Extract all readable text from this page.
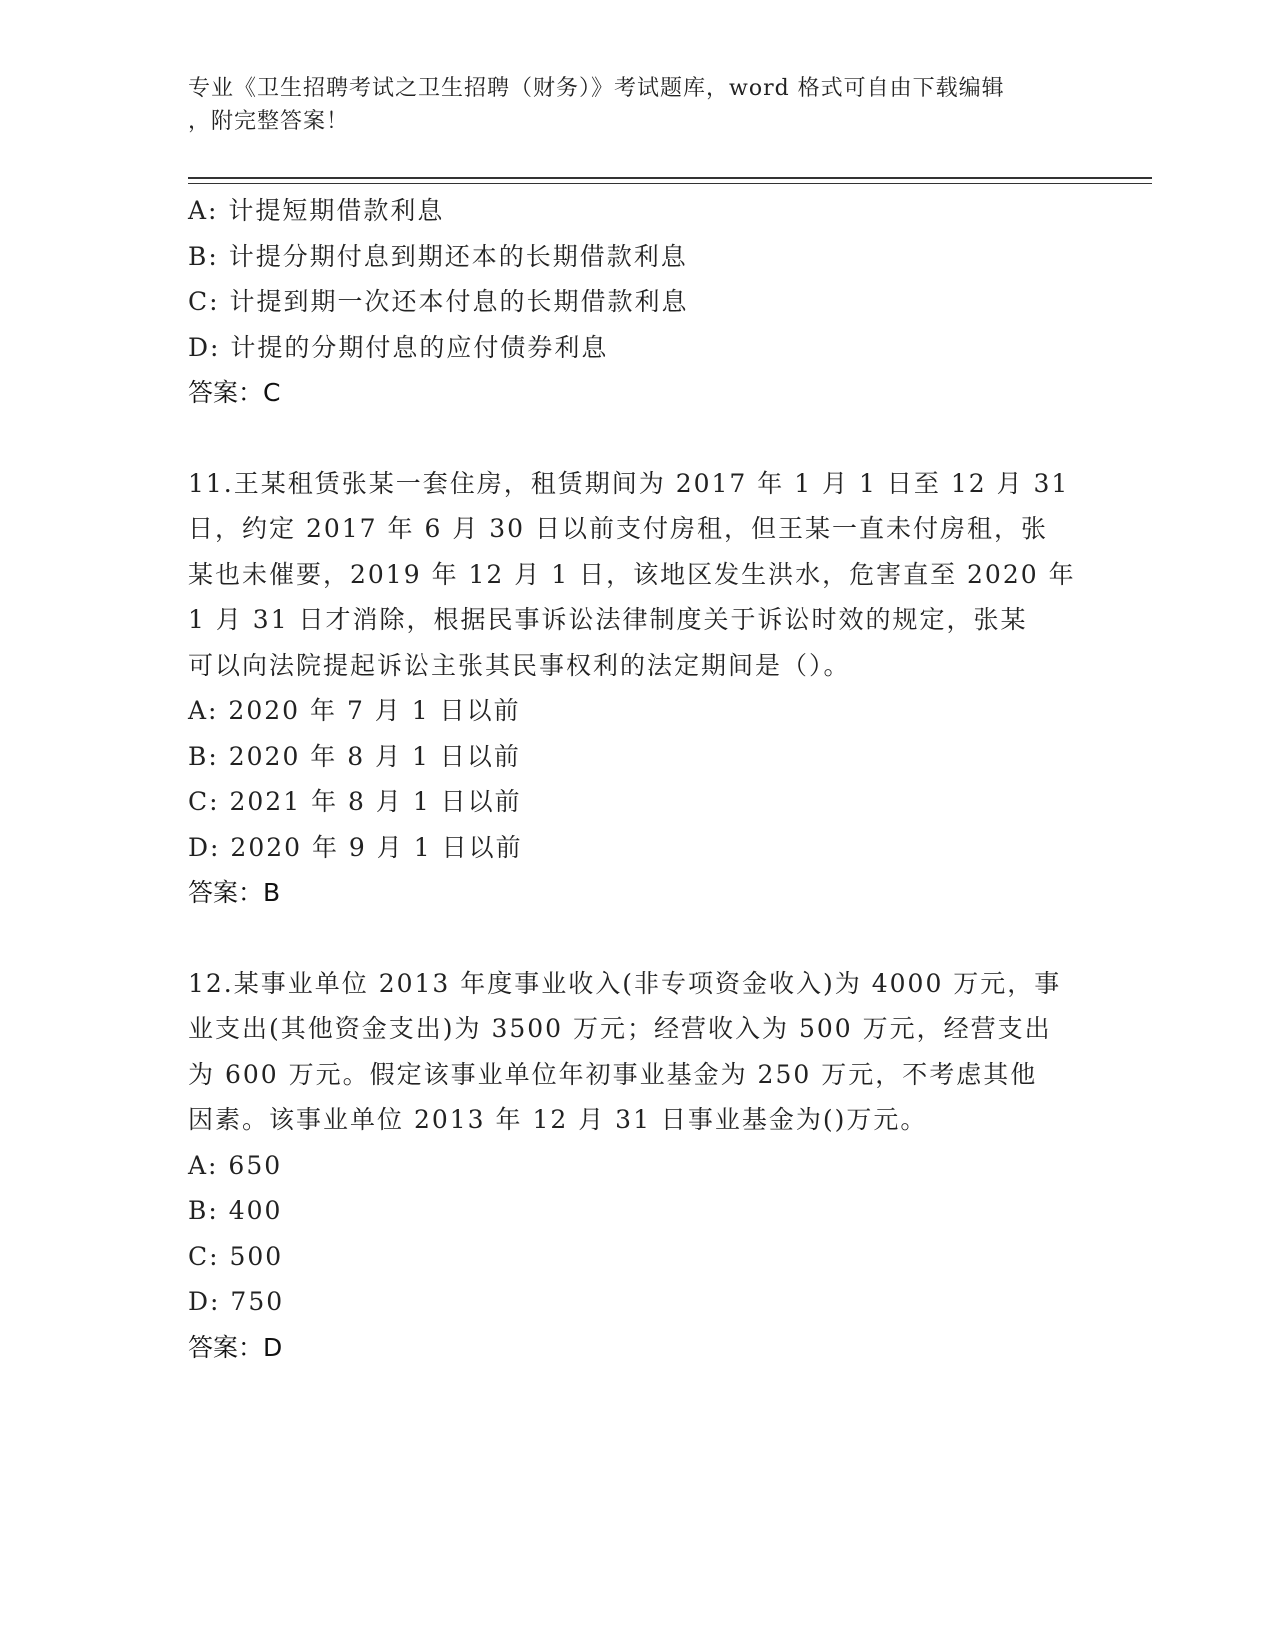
专业《卫生招聘考试之卫生招聘（财务）》考试题库，word 格式可自由下载编辑
，附完整答案！

A: 计提短期借款利息

B: 计提分期付息到期还本的长期借款利息

C: 计提到期一次还本付息的长期借款利息

D: 计提的分期付息的应付债券利息

答案：C

11.王某租赁张某一套住房，租赁期间为 2017 年 1 月 1 日至 12 月 31

日，约定 2017 年 6 月 30 日以前支付房租，但王某一直未付房租，张

某也未催要，2019 年 12 月 1 日，该地区发生洪水，危害直至 2020 年

1 月 31 日才消除，根据民事诉讼法律制度关于诉讼时效的规定，张某

可以向法院提起诉讼主张其民事权利的法定期间是（）。

A: 2020 年 7 月 1 日以前

B: 2020 年 8 月 1 日以前

C: 2021 年 8 月 1 日以前

D: 2020 年 9 月 1 日以前

答案：B

12.某事业单位 2013 年度事业收入(非专项资金收入)为 4000 万元，事

业支出(其他资金支出)为 3500 万元；经营收入为 500 万元，经营支出

为 600 万元。假定该事业单位年初事业基金为 250 万元，不考虑其他

因素。该事业单位 2013 年 12 月 31 日事业基金为()万元。

A: 650

B: 400

C: 500

D: 750

答案：D
